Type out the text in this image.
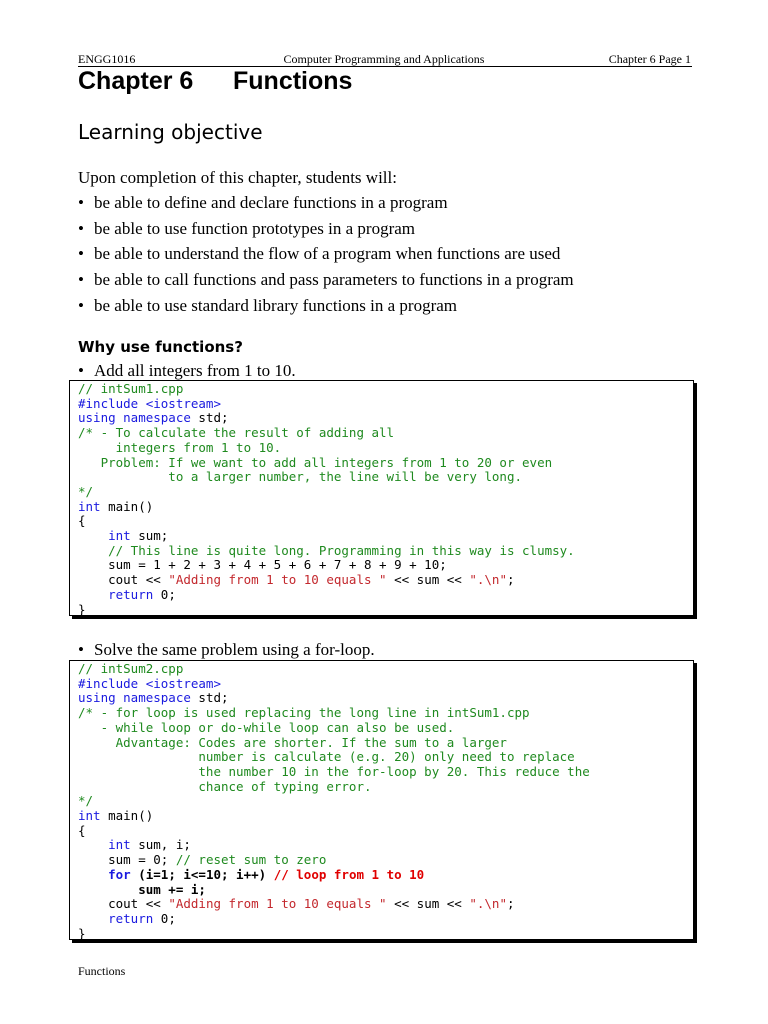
ENGG1016	Computer Programming and Applications	Chapter 6 Page 1
Chapter 6 Functions
Learning objective
Upon completion of this chapter, students will:
• be able to define and declare functions in a program
• be able to use function prototypes in a program
• be able to understand the flow of a program when functions are used
• be able to call functions and pass parameters to functions in a program
• be able to use standard library functions in a program
Why use functions?
• Add all integers from 1 to 10.
// intSum1.cpp
#include <iostream>
using namespace std;
/* - To calculate the result of adding all
integers from 1 to 10.
Problem: If we want to add all integers from 1 to 20 or even
to a larger number, the line will be very long.
*/
int main()
{
int sum;
// This line is quite long. Programming in this way is clumsy.
sum = 1 + 2 + 3 + 4 + 5 + 6 + 7 + 8 + 9 + 10;
cout << "Adding from 1 to 10 equals " << sum << ".\n";
return 0;
}
• Solve the same problem using a for-loop.
// intSum2.cpp
#include <iostream>
using namespace std;
/* - for loop is used replacing the long line in intSum1.cpp
- while loop or do-while loop can also be used.
Advantage: Codes are shorter. If the sum to a larger
number is calculate (e.g. 20) only need to replace
the number 10 in the for-loop by 20. This reduce the
chance of typing error.
*/
int main()
{
int sum, i;
sum = 0; // reset sum to zero
for (i=1; i<=10; i++) // loop from 1 to 10
sum += i;
cout << "Adding from 1 to 10 equals " << sum << ".\n";
return 0;
}
Functions
